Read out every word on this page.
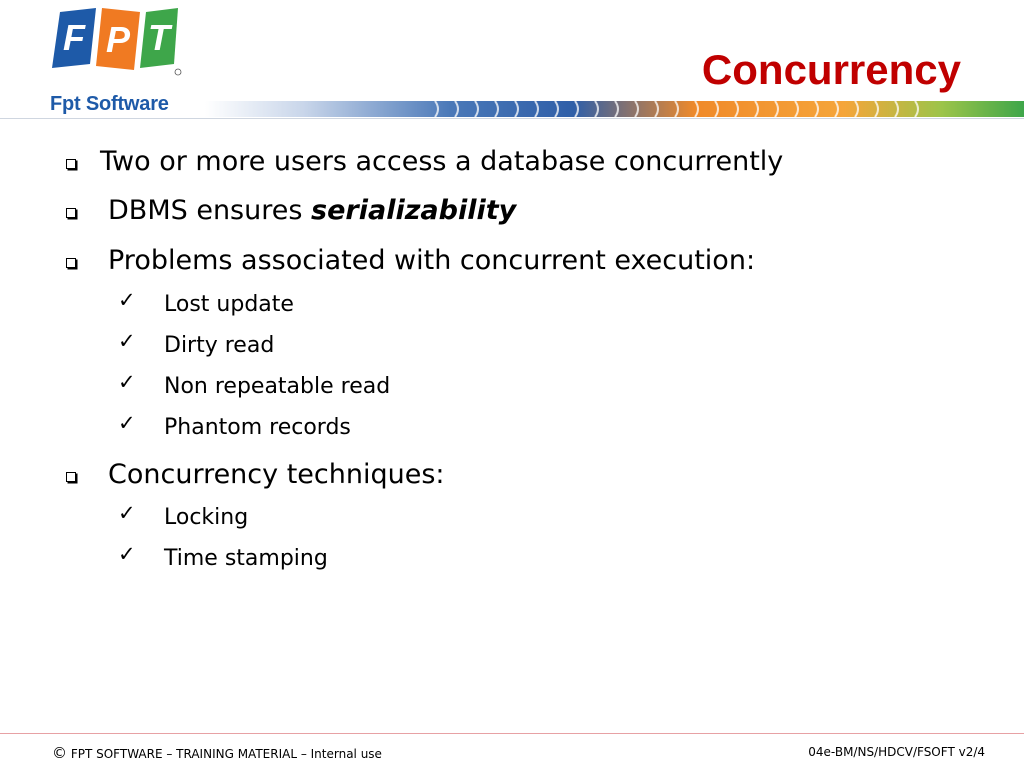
F P T
Fpt Software
Concurrency
Two or more users access a database concurrently
DBMS ensures serializability
Problems associated with concurrent execution:
✓ Lost update
✓ Dirty read
✓ Non repeatable read
✓ Phantom records
Concurrency techniques:
✓ Locking
✓ Time stamping
© FPT SOFTWARE – TRAINING MATERIAL – Internal use	04e-BM/NS/HDCV/FSOFT v2/4
